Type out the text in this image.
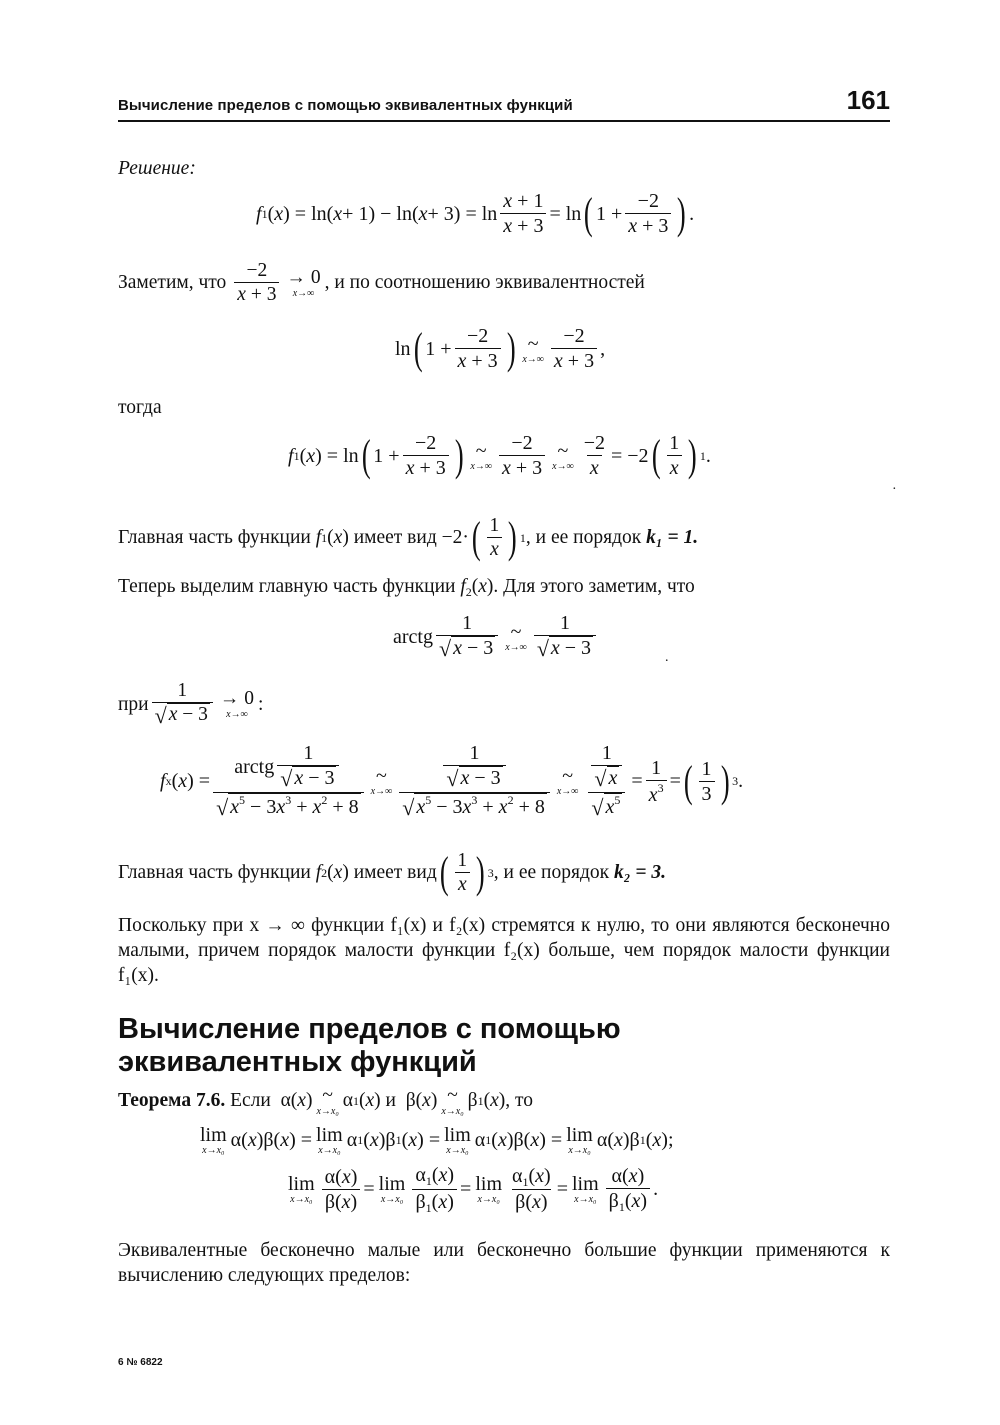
Вычисление пределов с помощью эквивалентных функций	161
Решение:
f 1 ( x ) = ln( x + 1) − ln( $x + 3) = \ln \frac{x + 1}{x + 3} = \ln$ ( $1 + \frac{-2}{x + 3}$ ) .
Заметим, что $\frac{-2}{x + 3} \to 0$
x→∞ , и по соотношению эквивалентностей
ln ( $1 + \frac{-2}{x + 3}$ ) ~
$x\to\infty \frac{-2}{x + 3}$ ,
тогда
f 1 ( x ) = ln ( $1 + \frac{-2}{x + 3}$ ) ~
$x\to\infty \frac{-2}{x + 3}$ ~
$x\to\infty \frac{-2}{x} = -2$ ( $\frac{1}{x}$ ) 1 .
·
Главная часть функции
f 1 ( x ) имеет вид −2· ( $\frac{1}{x}$ ) 1 , и ее порядок
k₁ = 1.
Теперь выделим главную часть функции $f_2(x)$. Для этого заметим, что
arctg $\frac{1}{√ x - 3}$ ~
$x\to\infty \frac{1}{√ x - 3}$	.
при $\frac{1}{√ x - 3} \to 0$
x→∞ :
f x ( x ) = $\frac{arctg \frac{1}{√ x - 3}}{√ x^5 - 3x^3 + x^2 + 8}$ ~
$x\to\infty \frac{\frac{1}{√ x - 3}}{√ x^5 - 3x^3 + x^2 + 8}$ ~
$x\to\infty \frac{\frac{1}{√ x}}{√ x^5} = \frac{1}{x^3}$ = ( $\frac{1}{3}$ ) 3 .
Главная часть функции
f 2 ( x ) имеет вид ( $\frac{1}{x}$ ) 3 , и ее порядок
k₂ = 3.
Поскольку при x → ∞ функции f₁(x) и f₂(x) стремятся к нулю, то они являются бесконечно малыми, причем порядок малости функции f₂(x) больше, чем порядок малости функции f₁(x).
Вычисление пределов с помощью
эквивалентных функций
Теорема 7.6.
Если α( x ) ~
x→x₀ α 1 ( x ) и β( x ) ~
x→x₀ β 1 ( x ) , то
lim
x→x₀ α( x )β( x ) = lim
x→x₀ α 1 ( x )β 1 ( x ) = lim
x→x₀ α 1 ( x )β( x ) = lim
x→x₀ α( x )β 1 ( x );
lim
$x\to x_0 \frac{\alpha(x)}{\beta(x)} = \lim$
$x\to x_0 \frac{\alpha_1(x)}{\beta_1(x)} = \lim$
$x\to x_0 \frac{\alpha_1(x)}{\beta(x)} = \lim$
$x\to x_0 \frac{\alpha(x)}{\beta_1(x)}$ .
Эквивалентные бесконечно малые или бесконечно большие функции применяются к вычислению следующих пределов:
6 № 6822
